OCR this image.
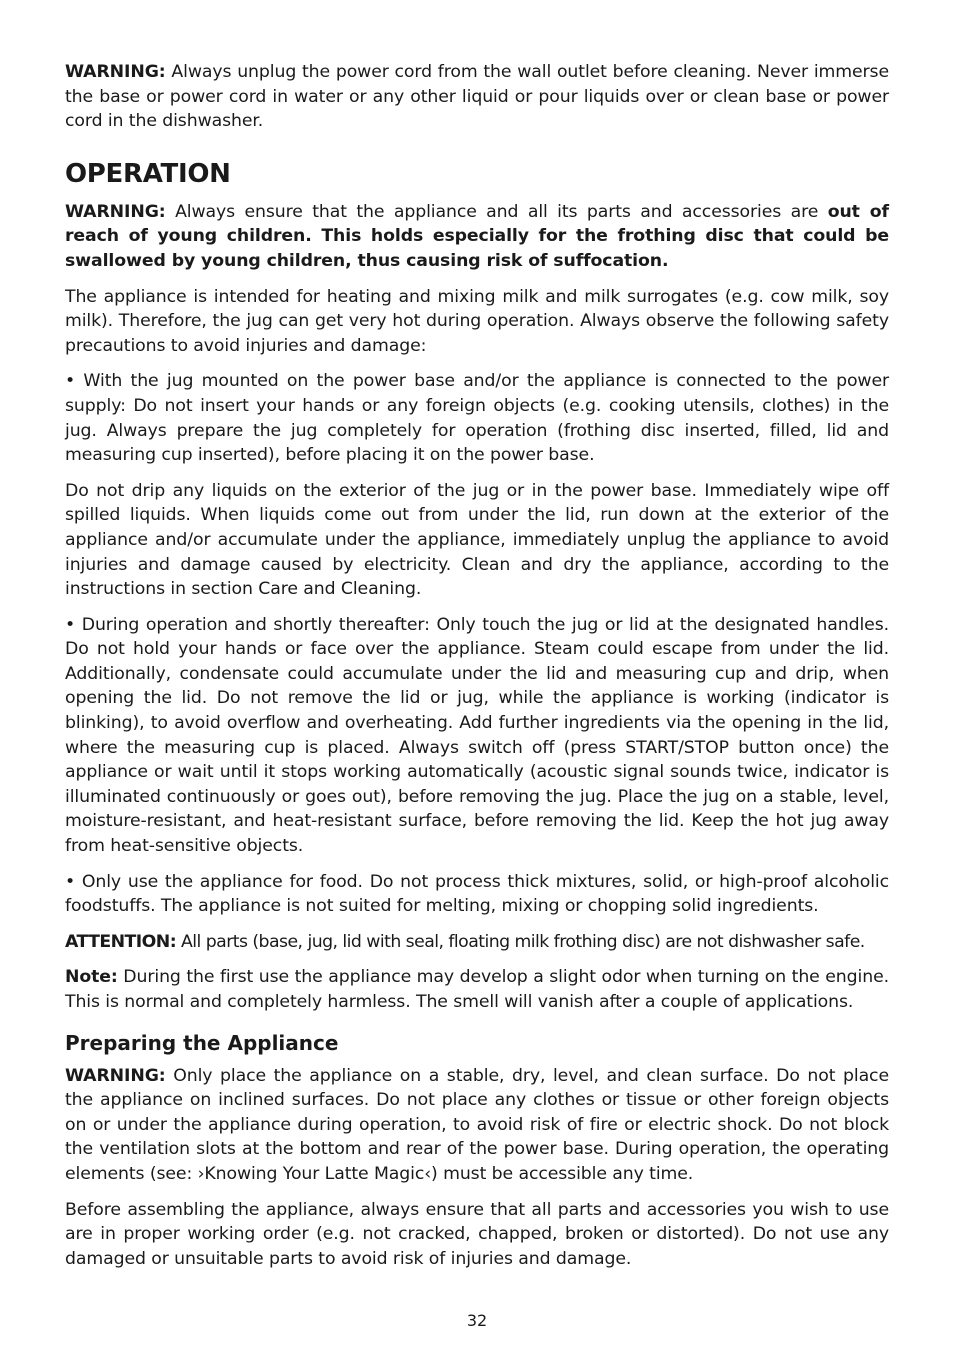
WARNING: Always unplug the power cord from the wall outlet before cleaning. Never immerse the base or power cord in water or any other liquid or pour liquids over or clean base or power cord in the dishwasher.

OPERATION

WARNING: Always ensure that the appliance and all its parts and accessories are out of reach of young children. This holds especially for the frothing disc that could be swallowed by young children, thus causing risk of suffocation.

The appliance is intended for heating and mixing milk and milk surrogates (e.g. cow milk, soy milk). Therefore, the jug can get very hot during operation. Always observe the following safety precautions to avoid injuries and damage:

• With the jug mounted on the power base and/or the appliance is connected to the power supply: Do not insert your hands or any foreign objects (e.g. cooking utensils, clothes) in the jug. Always prepare the jug completely for operation (frothing disc inserted, filled, lid and measuring cup inserted), before placing it on the power base.

Do not drip any liquids on the exterior of the jug or in the power base. Immediately wipe off spilled liquids. When liquids come out from under the lid, run down at the exterior of the appliance and/or accumulate under the appliance, immediately unplug the appliance to avoid injuries and damage caused by electricity. Clean and dry the appliance, according to the instructions in section Care and Cleaning.

• During operation and shortly thereafter: Only touch the jug or lid at the designated handles. Do not hold your hands or face over the appliance. Steam could escape from under the lid. Additionally, condensate could accumulate under the lid and measuring cup and drip, when opening the lid. Do not remove the lid or jug, while the appliance is working (indicator is blinking), to avoid overflow and overheating. Add further ingredients via the opening in the lid, where the measuring cup is placed. Always switch off (press START/STOP button once) the appliance or wait until it stops working automatically (acoustic signal sounds twice, indicator is illuminated continuously or goes out), before removing the jug. Place the jug on a stable, level, moisture-resistant, and heat-resistant surface, before removing the lid. Keep the hot jug away from heat-sensitive objects.

• Only use the appliance for food. Do not process thick mixtures, solid, or high-proof alcoholic foodstuffs. The appliance is not suited for melting, mixing or chopping solid ingredients.

ATTENTION: All parts (base, jug, lid with seal, floating milk frothing disc) are not dishwasher safe.

Note: During the first use the appliance may develop a slight odor when turning on the engine. This is normal and completely harmless. The smell will vanish after a couple of applications.

Preparing the Appliance

WARNING: Only place the appliance on a stable, dry, level, and clean surface. Do not place the appliance on inclined surfaces. Do not place any clothes or tissue or other foreign objects on or under the appliance during operation, to avoid risk of fire or electric shock. Do not block the ventilation slots at the bottom and rear of the power base. During operation, the operating elements (see: ›Knowing Your Latte Magic‹) must be accessible any time.

Before assembling the appliance, always ensure that all parts and accessories you wish to use are in proper working order (e.g. not cracked, chapped, broken or distorted). Do not use any damaged or unsuitable parts to avoid risk of injuries and damage.

32
